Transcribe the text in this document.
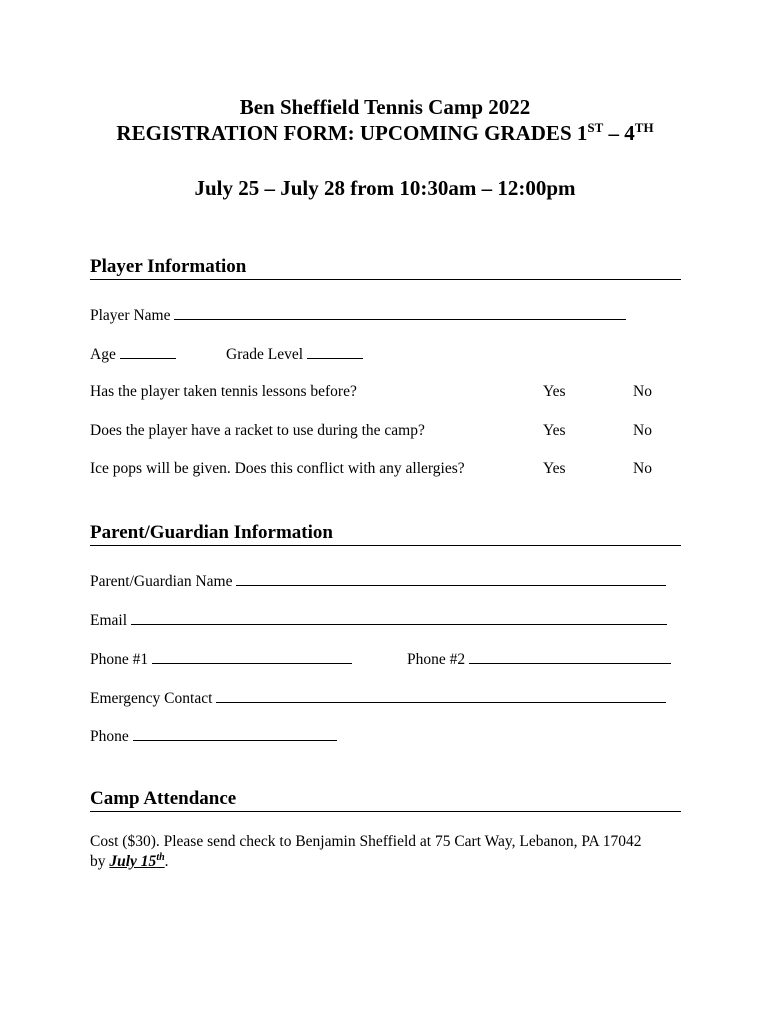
Ben Sheffield Tennis Camp 2022
REGISTRATION FORM: UPCOMING GRADES 1ST – 4TH
July 25 – July 28 from 10:30am – 12:00pm
Player Information
Player Name
Age	Grade Level
Has the player taken tennis lessons before?	Yes	No
Does the player have a racket to use during the camp?	Yes	No
Ice pops will be given. Does this conflict with any allergies?	Yes	No
Parent/Guardian Information
Parent/Guardian Name
Email
Phone #1	Phone #2
Emergency Contact
Phone
Camp Attendance
Cost ($30). Please send check to Benjamin Sheffield at 75 Cart Way, Lebanon, PA 17042
by July 15th.
